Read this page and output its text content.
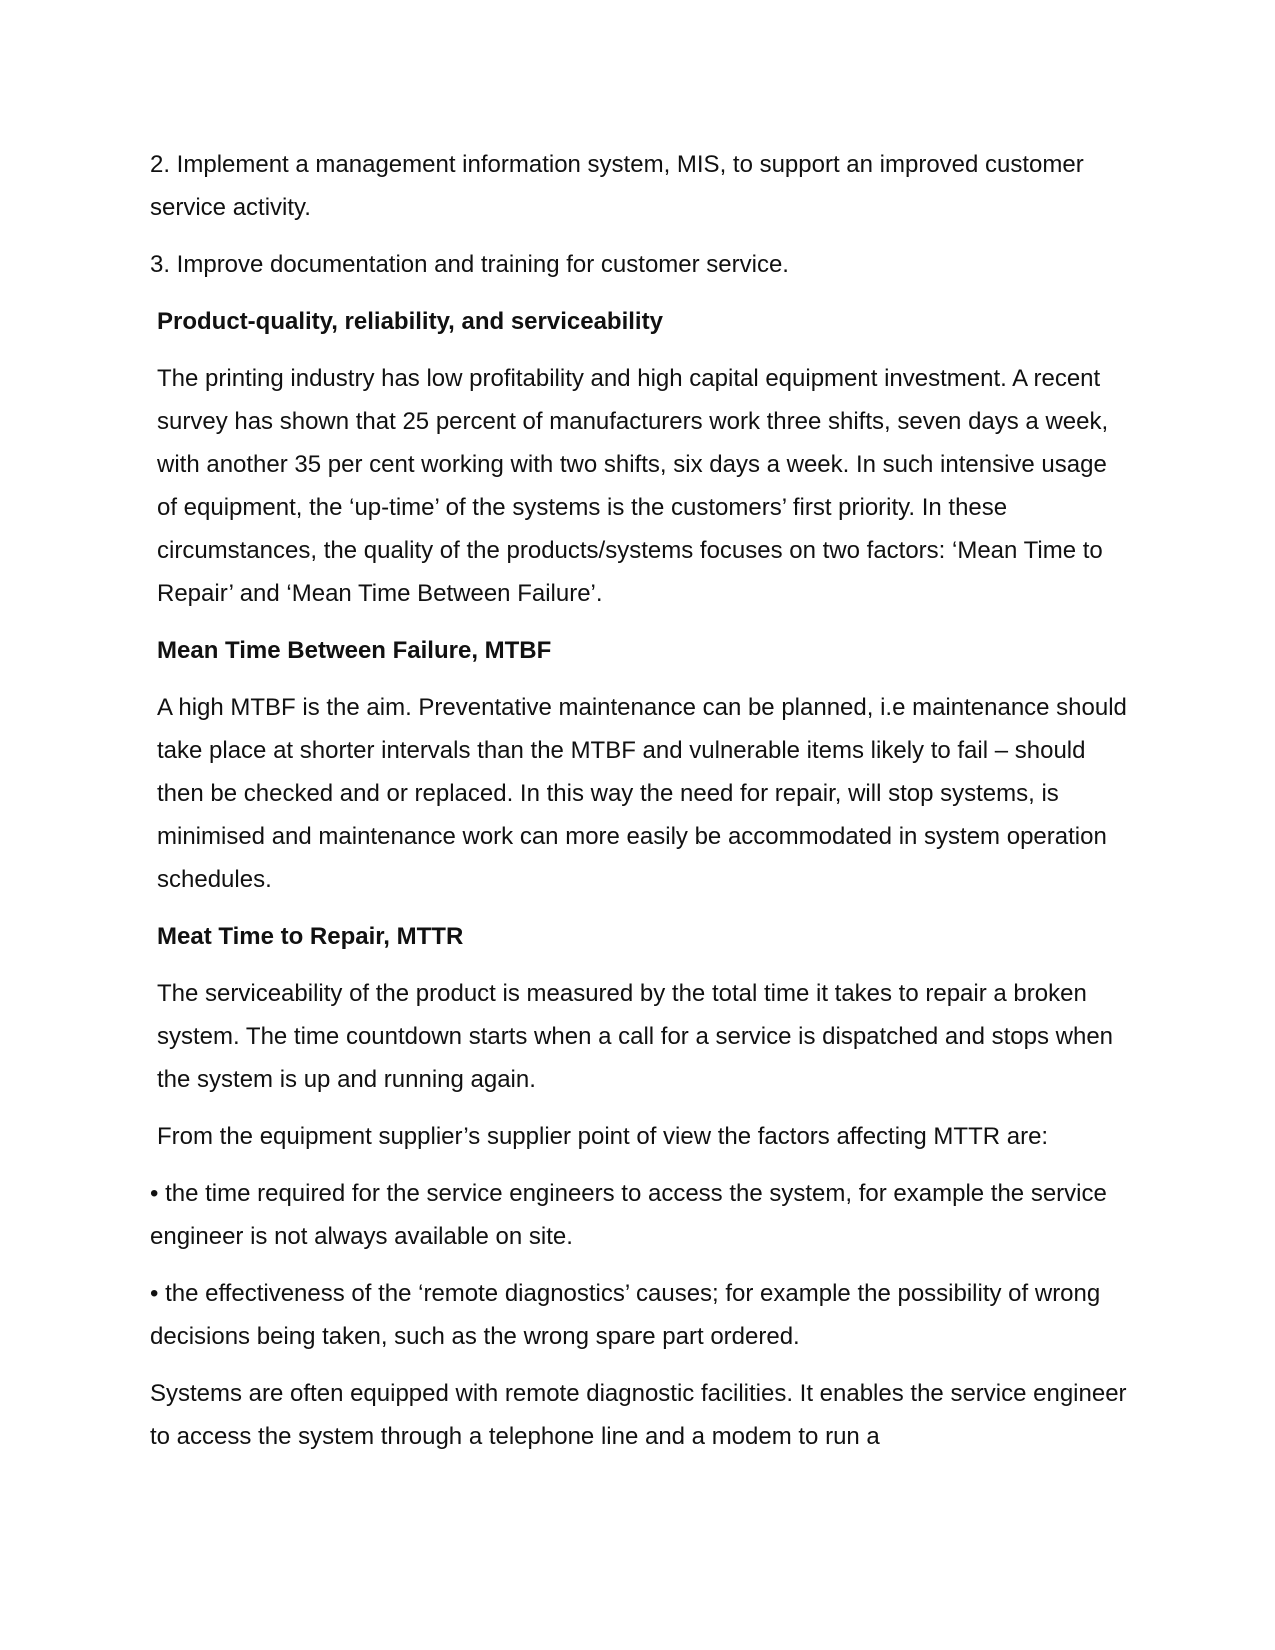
2. Implement a management information system, MIS, to support an improved customer service activity.

3. Improve documentation and training for customer service.

Product-quality, reliability, and serviceability

The printing industry has low profitability and high capital equipment investment. A recent survey has shown that 25 percent of manufacturers work three shifts, seven days a week, with another 35 per cent working with two shifts, six days a week. In such intensive usage of equipment, the ‘up-time’ of the systems is the customers’ first priority. In these circumstances, the quality of the products/systems focuses on two factors: ‘Mean Time to Repair’ and ‘Mean Time Between Failure’.

Mean Time Between Failure, MTBF

A high MTBF is the aim. Preventative maintenance can be planned, i.e maintenance should take place at shorter intervals than the MTBF and vulnerable items likely to fail – should then be checked and or replaced. In this way the need for repair, will stop systems, is minimised and maintenance work can more easily be accommodated in system operation schedules.

Meat Time to Repair, MTTR

The serviceability of the product is measured by the total time it takes to repair a broken system. The time countdown starts when a call for a service is dispatched and stops when the system is up and running again.

From the equipment supplier’s supplier point of view the factors affecting MTTR are:

• the time required for the service engineers to access the system, for example the service engineer is not always available on site.

• the effectiveness of the ‘remote diagnostics’ causes; for example the possibility of wrong decisions being taken, such as the wrong spare part ordered.

Systems are often equipped with remote diagnostic facilities. It enables the service engineer to access the system through a telephone line and a modem to run a
